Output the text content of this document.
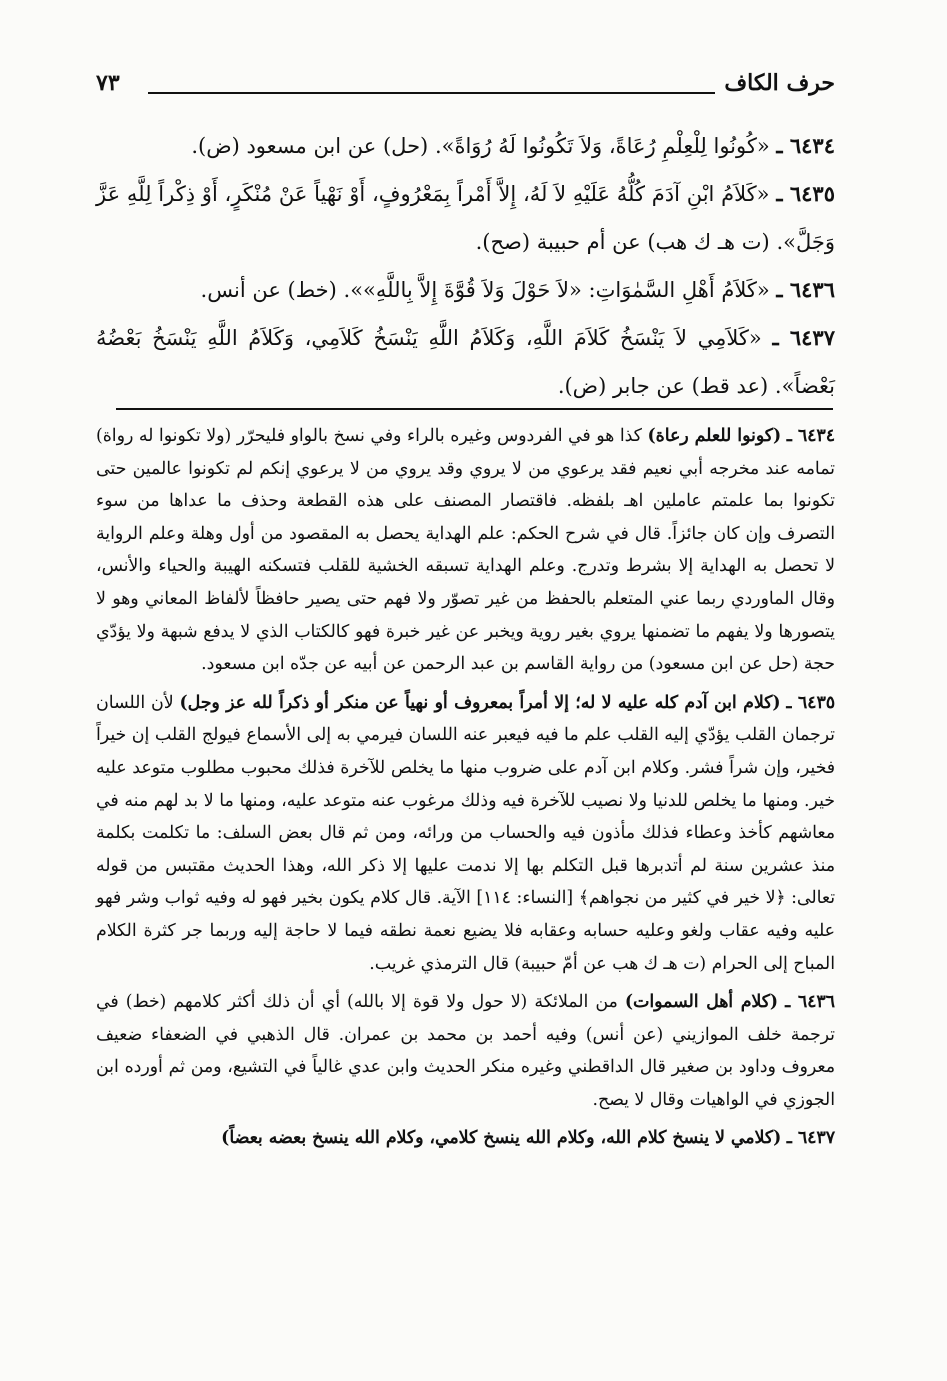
حرف الكاف
٧٣

٦٤٣٤ ـ «كُونُوا لِلْعِلْمِ رُعَاةً، وَلاَ تَكُونُوا لَهُ رُوَاةً». (حل) عن ابن مسعود (ض).

٦٤٣٥ ـ «كَلاَمُ ابْنِ آدَمَ كُلُّهُ عَلَيْهِ لاَ لَهُ، إِلاَّ أَمْراً بِمَعْرُوفٍ، أَوْ نَهْياً عَنْ مُنْكَرٍ، أَوْ ذِكْراً لِلَّهِ عَزَّ وَجَلَّ». (ت هـ ك هب) عن أم حبيبة (صح).

٦٤٣٦ ـ «كَلاَمُ أَهْلِ السَّمٰوَاتِ: «لاَ حَوْلَ وَلاَ قُوَّةَ إِلاَّ بِاللَّهِ»». (خط) عن أنس.

٦٤٣٧ ـ «كَلاَمِي لاَ يَنْسَخُ كَلاَمَ اللَّهِ، وَكَلاَمُ اللَّهِ يَنْسَخُ كَلاَمِي، وَكَلاَمُ اللَّهِ يَنْسَخُ بَعْضُهُ بَعْضاً». (عد قط) عن جابر (ض).

٦٤٣٤ ـ (كونوا للعلم رعاة) كذا هو في الفردوس وغيره بالراء وفي نسخ بالواو فليحرّر (ولا تكونوا له رواة) تمامه عند مخرجه أبي نعيم فقد يرعوي من لا يروي وقد يروي من لا يرعوي إنكم لم تكونوا عالمين حتى تكونوا بما علمتم عاملين اهـ بلفظه. فاقتصار المصنف على هذه القطعة وحذف ما عداها من سوء التصرف وإن كان جائزاً. قال في شرح الحكم: علم الهداية يحصل به المقصود من أول وهلة وعلم الرواية لا تحصل به الهداية إلا بشرط وتدرج. وعلم الهداية تسبقه الخشية للقلب فتسكنه الهيبة والحياء والأنس، وقال الماوردي ربما عني المتعلم بالحفظ من غير تصوّر ولا فهم حتى يصير حافظاً لألفاظ المعاني وهو لا يتصورها ولا يفهم ما تضمنها يروي بغير روية ويخبر عن غير خبرة فهو كالكتاب الذي لا يدفع شبهة ولا يؤدّي حجة (حل عن ابن مسعود) من رواية القاسم بن عبد الرحمن عن أبيه عن جدّه ابن مسعود.

٦٤٣٥ ـ (كلام ابن آدم كله عليه لا له؛ إلا أمراً بمعروف أو نهياً عن منكر أو ذكراً لله عز وجل) لأن اللسان ترجمان القلب يؤدّي إليه القلب علم ما فيه فيعبر عنه اللسان فيرمي به إلى الأسماع فيولج القلب إن خيراً فخير، وإن شراً فشر. وكلام ابن آدم على ضروب منها ما يخلص للآخرة فذلك محبوب مطلوب متوعد عليه خير. ومنها ما يخلص للدنيا ولا نصيب للآخرة فيه وذلك مرغوب عنه متوعد عليه، ومنها ما لا بد لهم منه في معاشهم كأخذ وعطاء فذلك مأذون فيه والحساب من ورائه، ومن ثم قال بعض السلف: ما تكلمت بكلمة منذ عشرين سنة لم أتدبرها قبل التكلم بها إلا ندمت عليها إلا ذكر الله، وهذا الحديث مقتبس من قوله تعالى: ﴿لا خير في كثير من نجواهم﴾ [النساء: ١١٤] الآية. قال كلام يكون بخير فهو له وفيه ثواب وشر فهو عليه وفيه عقاب ولغو وعليه حسابه وعقابه فلا يضيع نعمة نطقه فيما لا حاجة إليه وربما جر كثرة الكلام المباح إلى الحرام (ت هـ ك هب عن أمّ حبيبة) قال الترمذي غريب.

٦٤٣٦ ـ (كلام أهل السموات) من الملائكة (لا حول ولا قوة إلا بالله) أي أن ذلك أكثر كلامهم (خط) في ترجمة خلف الموازيني (عن أنس) وفيه أحمد بن محمد بن عمران. قال الذهبي في الضعفاء ضعيف معروف وداود بن صغير قال الداقطني وغيره منكر الحديث وابن عدي غالياً في التشيع، ومن ثم أورده ابن الجوزي في الواهيات وقال لا يصح.

٦٤٣٧ ـ (كلامي لا ينسخ كلام الله، وكلام الله ينسخ كلامي، وكلام الله ينسخ بعضه بعضاً)
